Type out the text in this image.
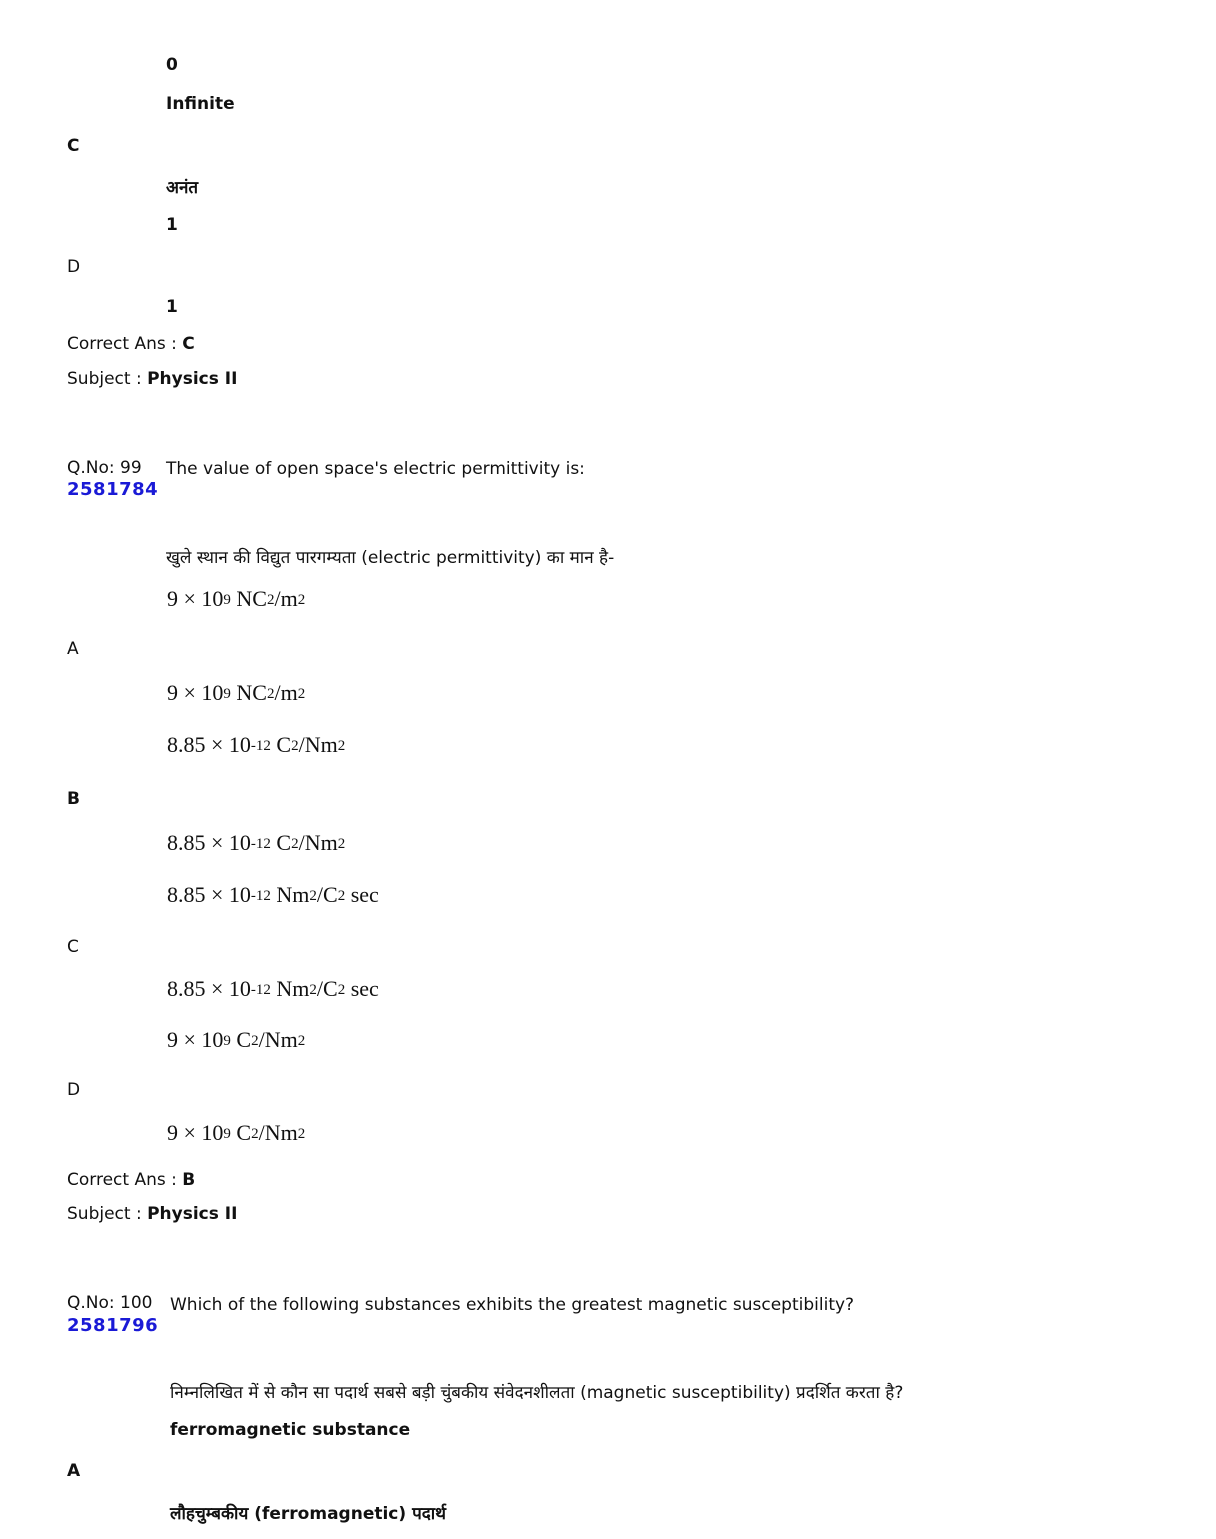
0
Infinite
C
अनंत
1
D
1
Correct Ans : C
Subject : Physics II
Q.No: 99
2581784
The value of open space's electric permittivity is:
खुले स्थान की विद्युत पारगम्यता (electric permittivity) का मान है-
$9 \times 10^9$ $NC^2/m^2$
A
$9 \times 10^9$ $NC^2/m^2$
$8.85 \times 10^{-12}$ $C^2/Nm^2$
B
$8.85 \times 10^{-12}$ $C^2/Nm^2$
$8.85 \times 10^{-12}$ $Nm^2/C^2$ sec
C
$8.85 \times 10^{-12}$ $Nm^2/C^2$ sec
$9 \times 10^9$ $C^2/Nm^2$
D
$9 \times 10^9$ $C^2/Nm^2$
Correct Ans : B
Subject : Physics II
Q.No: 100
2581796
Which of the following substances exhibits the greatest magnetic susceptibility?
निम्नलिखित में से कौन सा पदार्थ सबसे बड़ी चुंबकीय संवेदनशीलता (magnetic susceptibility) प्रदर्शित करता है?
ferromagnetic substance
A
लौहचुम्बकीय (ferromagnetic) पदार्थ
